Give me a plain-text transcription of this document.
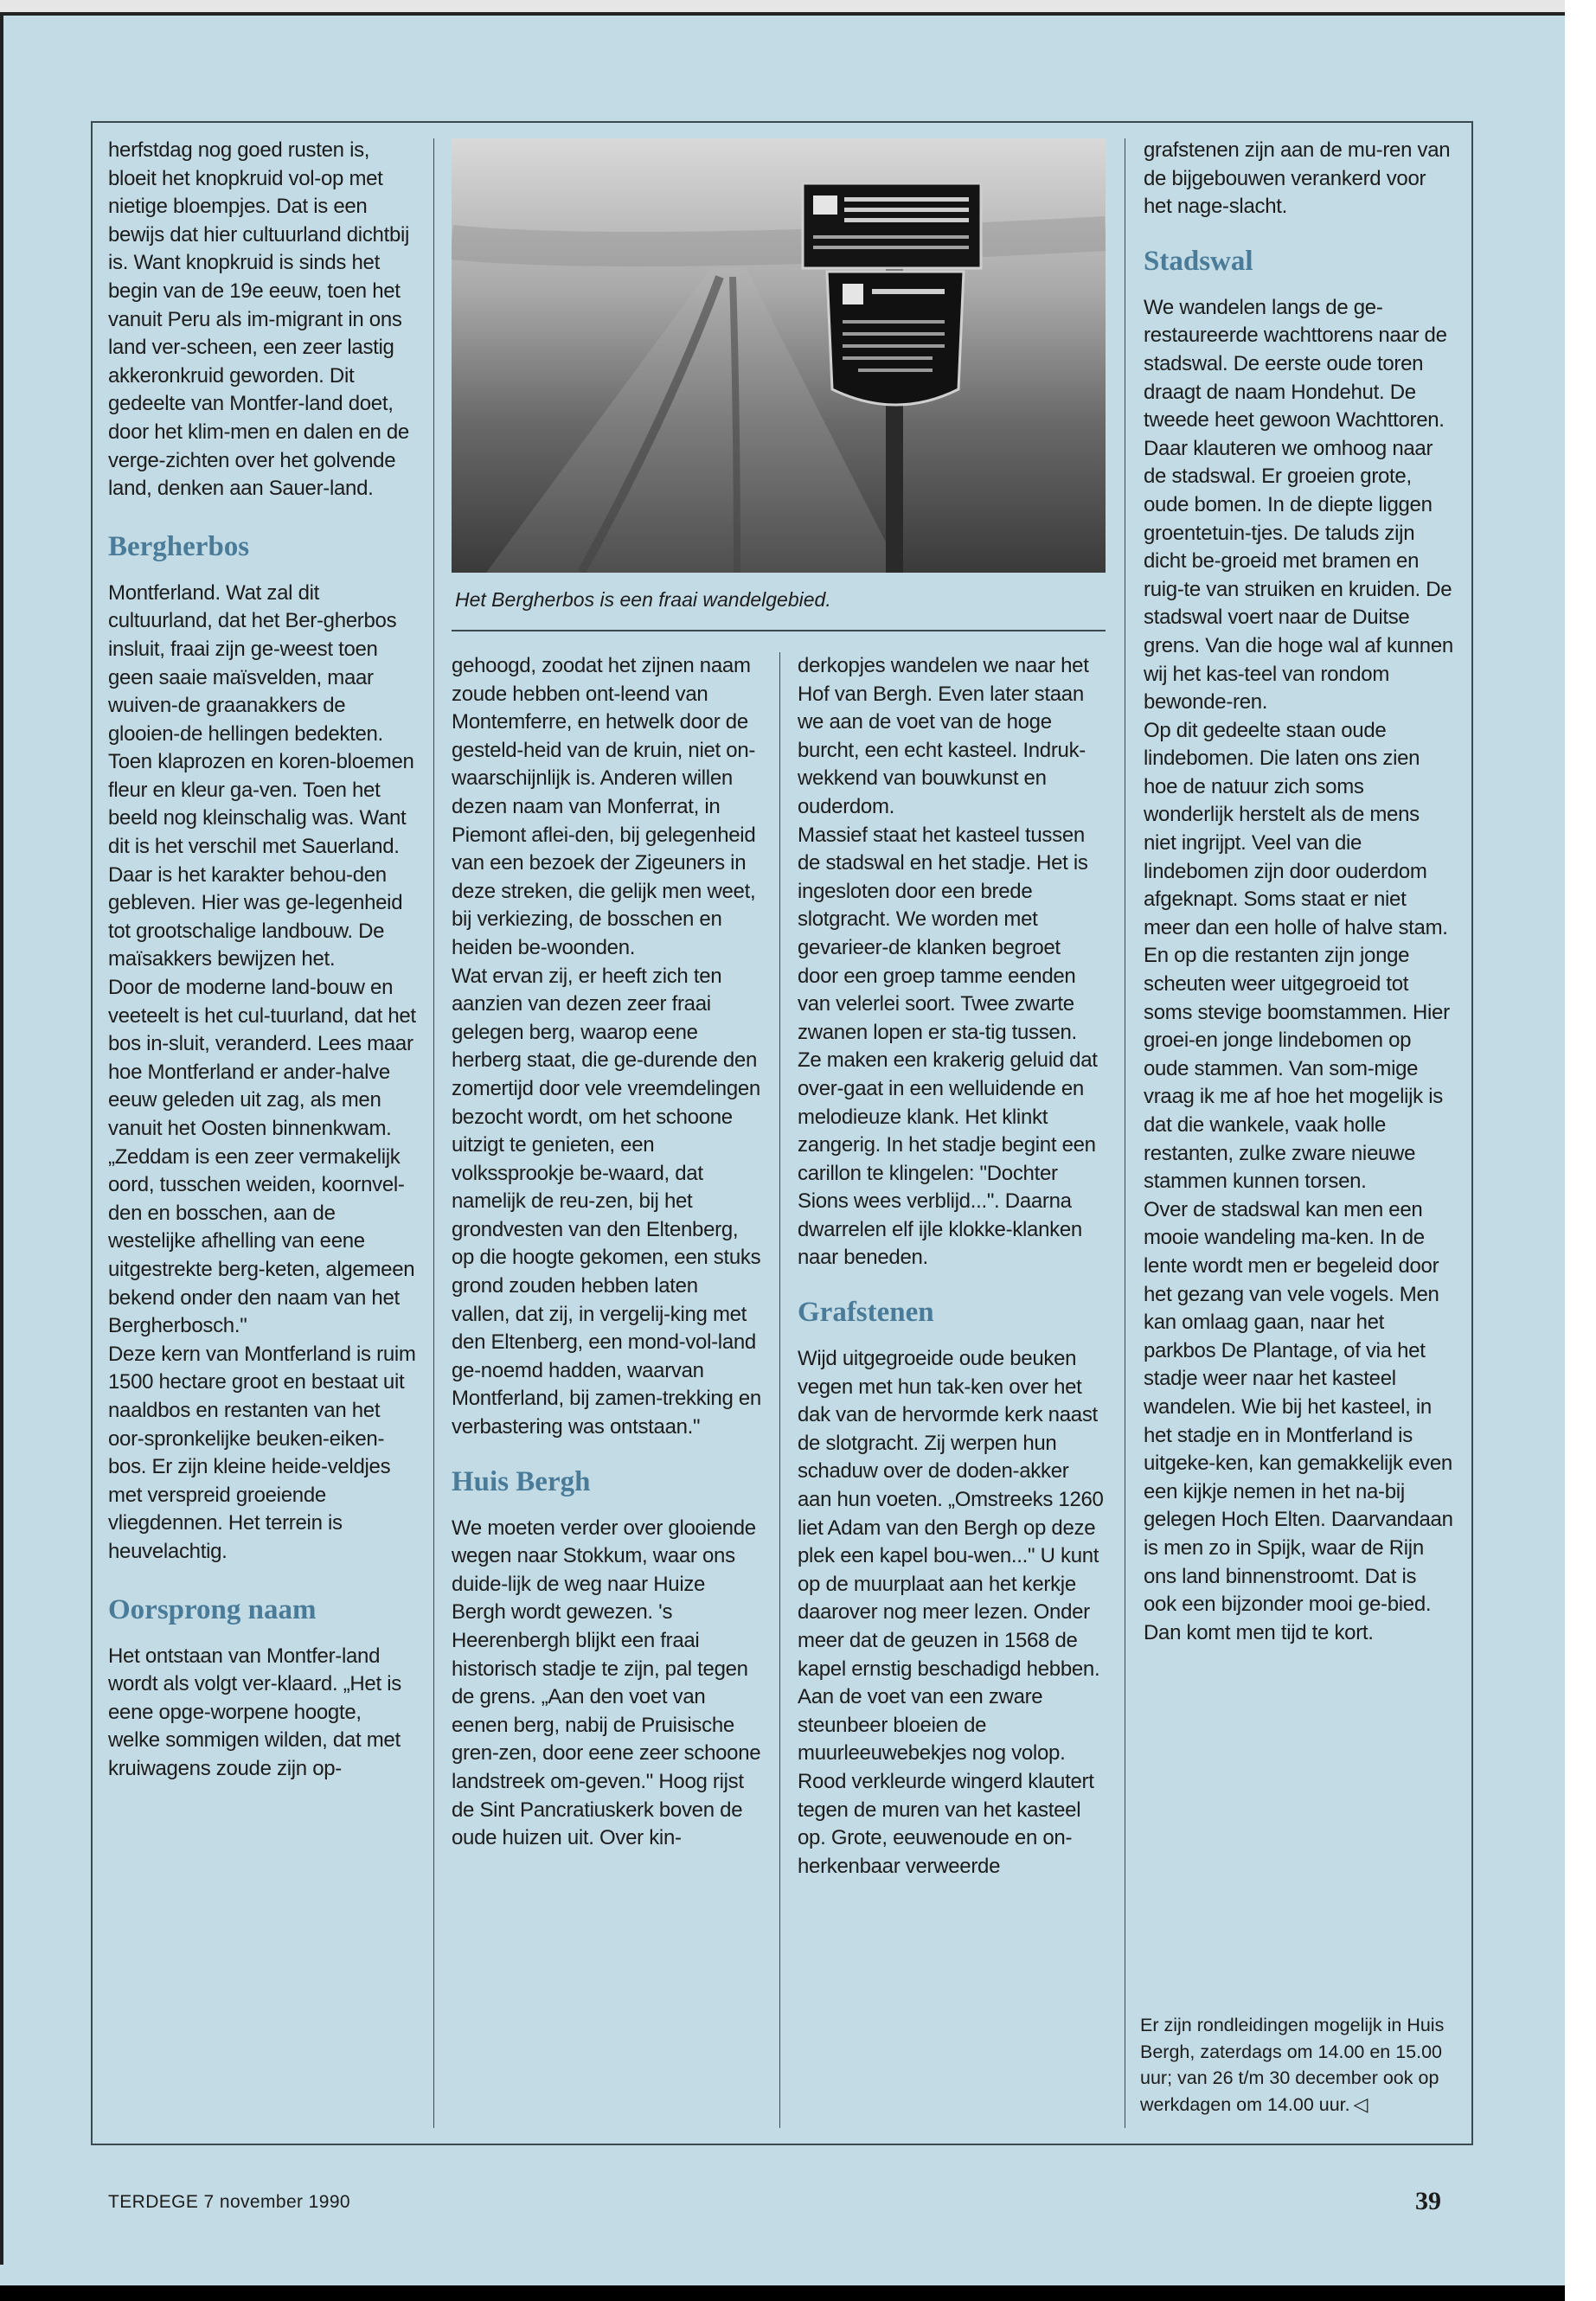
Het Bergherbos is een fraai wandelgebied.

herfstdag nog goed rusten is, bloeit het knopkruid vol-op met nietige bloempjes. Dat is een bewijs dat hier cultuurland dichtbij is. Want knopkruid is sinds het begin van de 19e eeuw, toen het vanuit Peru als im-migrant in ons land ver-scheen, een zeer lastig akkeronkruid geworden. Dit gedeelte van Montfer-land doet, door het klim-men en dalen en de verge-zichten over het golvende land, denken aan Sauer-land.

Bergherbos

Montferland. Wat zal dit cultuurland, dat het Ber-gherbos insluit, fraai zijn ge-weest toen geen saaie maïsvelden, maar wuiven-de graanakkers de glooien-de hellingen bedekten. Toen klaprozen en koren-bloemen fleur en kleur ga-ven. Toen het beeld nog kleinschalig was. Want dit is het verschil met Sauerland. Daar is het karakter behou-den gebleven. Hier was ge-legenheid tot grootschalige landbouw. De maïsakkers bewijzen het.

Door de moderne land-bouw en veeteelt is het cul-tuurland, dat het bos in-sluit, veranderd. Lees maar hoe Montferland er ander-halve eeuw geleden uit zag, als men vanuit het Oosten binnenkwam. „Zeddam is een zeer vermakelijk oord, tusschen weiden, koornvel-den en bosschen, aan de westelijke afhelling van eene uitgestrekte berg-keten, algemeen bekend onder den naam van het Bergherbosch."

Deze kern van Montferland is ruim 1500 hectare groot en bestaat uit naaldbos en restanten van het oor-spronkelijke beuken-eiken-bos. Er zijn kleine heide-veldjes met verspreid groeiende vliegdennen. Het terrein is heuvelachtig.

Oorsprong naam

Het ontstaan van Montfer-land wordt als volgt ver-klaard. „Het is eene opge-worpene hoogte, welke sommigen wilden, dat met kruiwagens zoude zijn op-

gehoogd, zoodat het zijnen naam zoude hebben ont-leend van Montemferre, en hetwelk door de gesteld-heid van de kruin, niet on-waarschijnlijk is. Anderen willen dezen naam van Monferrat, in Piemont aflei-den, bij gelegenheid van een bezoek der Zigeuners in deze streken, die gelijk men weet, bij verkiezing, de bosschen en heiden be-woonden.

Wat ervan zij, er heeft zich ten aanzien van dezen zeer fraai gelegen berg, waarop eene herberg staat, die ge-durende den zomertijd door vele vreemdelingen bezocht wordt, om het schoone uitzigt te genieten, een volkssprookje be-waard, dat namelijk de reu-zen, bij het grondvesten van den Eltenberg, op die hoogte gekomen, een stuks grond zouden hebben laten vallen, dat zij, in vergelij-king met den Eltenberg, een mond-vol-land ge-noemd hadden, waarvan Montferland, bij zamen-trekking en verbastering was ontstaan."

Huis Bergh

We moeten verder over glooiende wegen naar Stokkum, waar ons duide-lijk de weg naar Huize Bergh wordt gewezen. 's Heerenbergh blijkt een fraai historisch stadje te zijn, pal tegen de grens. „Aan den voet van eenen berg, nabij de Pruisische gren-zen, door eene zeer schoone landstreek om-geven." Hoog rijst de Sint Pancratiuskerk boven de oude huizen uit. Over kin-

derkopjes wandelen we naar het Hof van Bergh. Even later staan we aan de voet van de hoge burcht, een echt kasteel. Indruk-wekkend van bouwkunst en ouderdom.

Massief staat het kasteel tussen de stadswal en het stadje. Het is ingesloten door een brede slotgracht. We worden met gevarieer-de klanken begroet door een groep tamme eenden van velerlei soort. Twee zwarte zwanen lopen er sta-tig tussen. Ze maken een krakerig geluid dat over-gaat in een welluidende en melodieuze klank. Het klinkt zangerig. In het stadje begint een carillon te klingelen: "Dochter Sions wees verblijd...". Daarna dwarrelen elf ijle klokke-klanken naar beneden.

Grafstenen

Wijd uitgegroeide oude beuken vegen met hun tak-ken over het dak van de hervormde kerk naast de slotgracht. Zij werpen hun schaduw over de doden-akker aan hun voeten. „Omstreeks 1260 liet Adam van den Bergh op deze plek een kapel bou-wen..." U kunt op de muurplaat aan het kerkje daarover nog meer lezen. Onder meer dat de geuzen in 1568 de kapel ernstig beschadigd hebben. Aan de voet van een zware steunbeer bloeien de muurleeuwebekjes nog volop. Rood verkleurde wingerd klautert tegen de muren van het kasteel op. Grote, eeuwenoude en on-herkenbaar verweerde

grafstenen zijn aan de mu-ren van de bijgebouwen verankerd voor het nage-slacht.

Stadswal

We wandelen langs de ge-restaureerde wachttorens naar de stadswal. De eerste oude toren draagt de naam Hondehut. De tweede heet gewoon Wachttoren. Daar klauteren we omhoog naar de stadswal. Er groeien grote, oude bomen. In de diepte liggen groentetuin-tjes. De taluds zijn dicht be-groeid met bramen en ruig-te van struiken en kruiden. De stadswal voert naar de Duitse grens. Van die hoge wal af kunnen wij het kas-teel van rondom bewonde-ren.

Op dit gedeelte staan oude lindebomen. Die laten ons zien hoe de natuur zich soms wonderlijk herstelt als de mens niet ingrijpt. Veel van die lindebomen zijn door ouderdom afgeknapt. Soms staat er niet meer dan een holle of halve stam. En op die restanten zijn jonge scheuten weer uitgegroeid tot soms stevige boomstammen. Hier groei-en jonge lindebomen op oude stammen. Van som-mige vraag ik me af hoe het mogelijk is dat die wankele, vaak holle restanten, zulke zware nieuwe stammen kunnen torsen.

Over de stadswal kan men een mooie wandeling ma-ken. In de lente wordt men er begeleid door het gezang van vele vogels. Men kan omlaag gaan, naar het parkbos De Plantage, of via het stadje weer naar het kasteel wandelen. Wie bij het kasteel, in het stadje en in Montferland is uitgeke-ken, kan gemakkelijk even een kijkje nemen in het na-bij gelegen Hoch Elten. Daarvandaan is men zo in Spijk, waar de Rijn ons land binnenstroomt. Dat is ook een bijzonder mooi ge-bied. Dan komt men tijd te kort.

Er zijn rondleidingen mogelijk in Huis Bergh, zaterdags om 14.00 en 15.00 uur; van 26 t/m 30 december ook op werkdagen om 14.00 uur. ◁
TERDEGE 7 november 1990	39
